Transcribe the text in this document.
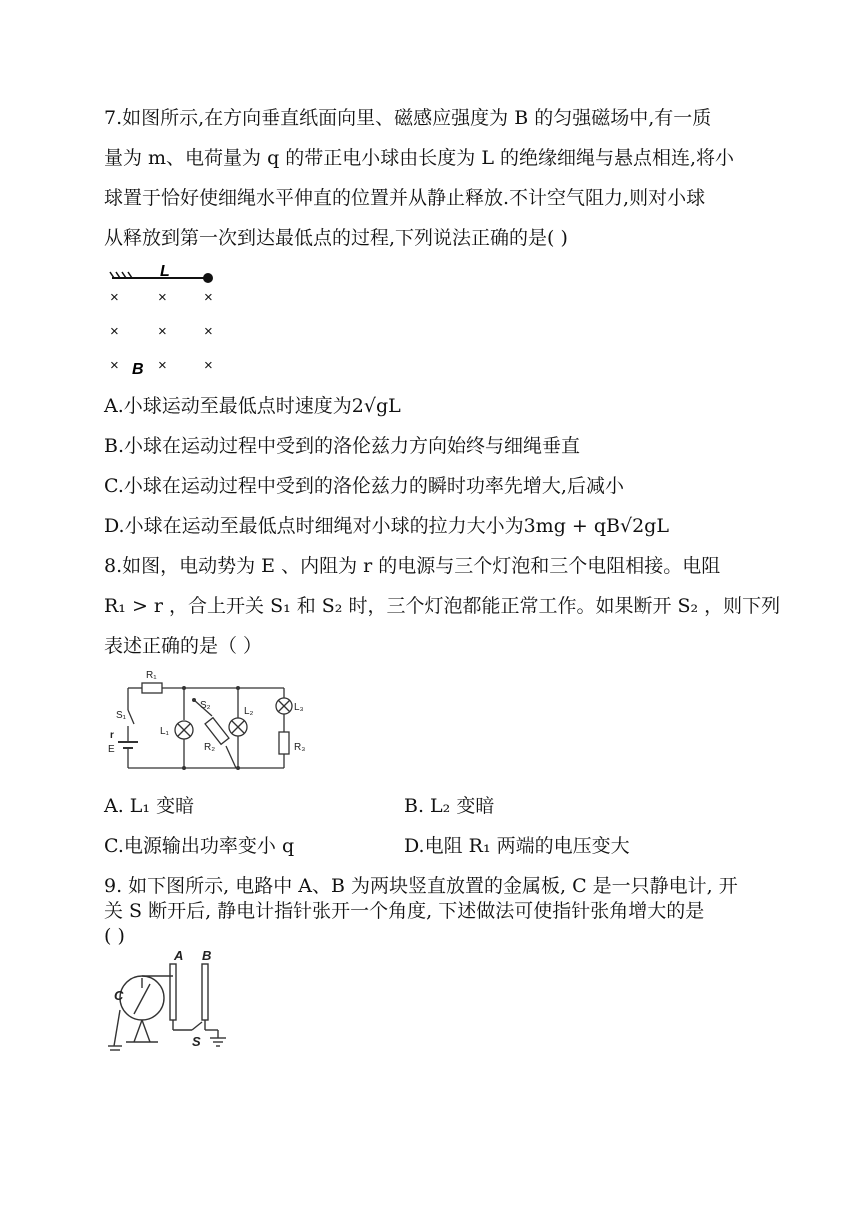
7.如图所示,在方向垂直纸面向里、磁感应强度为 B 的匀强磁场中,有一质
量为 m、电荷量为 q 的带正电小球由长度为 L 的绝缘细绳与悬点相连,将小
球置于恰好使细绳水平伸直的位置并从静止释放.不计空气阻力,则对小球
从释放到第一次到达最低点的过程,下列说法正确的是( )
L
×	× ×
×	× ×
×	× ×
B
A.小球运动至最低点时速度为2√gL
B.小球在运动过程中受到的洛伦兹力方向始终与细绳垂直
C.小球在运动过程中受到的洛伦兹力的瞬时功率先增大,后减小
D.小球在运动至最低点时细绳对小球的拉力大小为3mg + qB√2gL
8.如图，电动势为 E 、内阻为 r 的电源与三个灯泡和三个电阻相接。电阻
R₁ > r ，合上开关 S₁ 和 S₂ 时，三个灯泡都能正常工作。如果断开 S₂ ，则下列
表述正确的是（ ）
R₁
S₁
S₂
L₁
L₂	L₃
R₂	R₃
r
E
A. L₁ 变暗	B. L₂ 变暗
C.电源输出功率变小 q	D.电阻 R₁ 两端的电压变大
9. 如下图所示, 电路中 A、B 为两块竖直放置的金属板, C 是一只静电计, 开
关 S 断开后, 静电计指针张开一个角度, 下述做法可使指针张角增大的是
( )
A B
C
S
